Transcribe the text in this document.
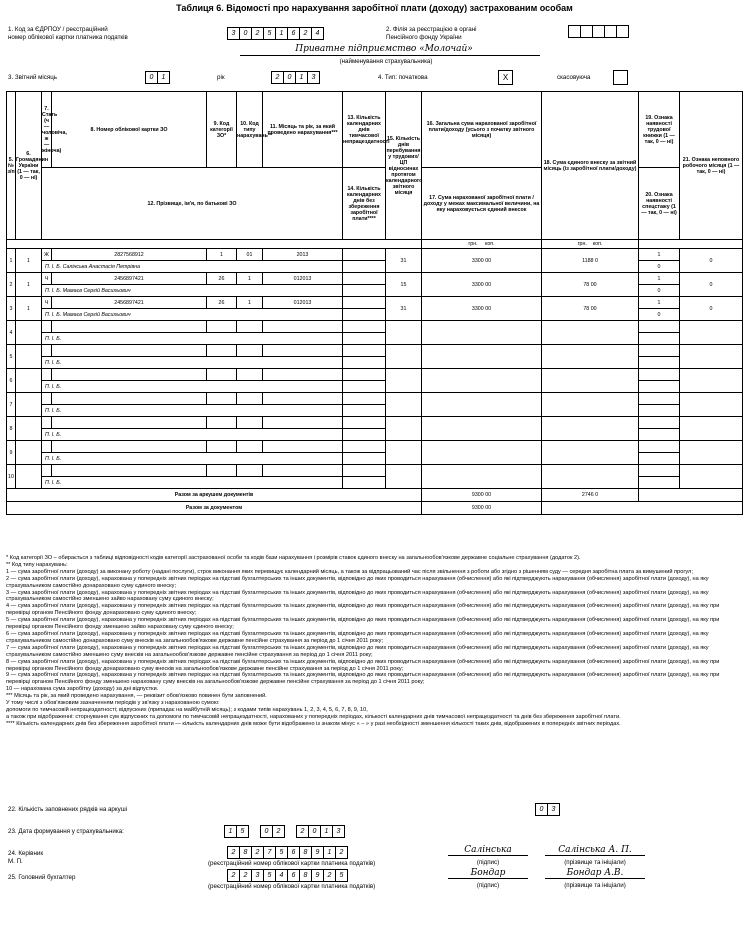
Таблиця 6. Відомості про нарахування заробітної плати (доходу) застрахованим особам
1. Код за ЄДРПОУ / реєстраційний
номер облікової картки платника податків
3	0	2	5	1	6	2	4
2. Філія за реєстрацією в органі
Пенсійного фонду України
Приватне підприємство «Молочай»
(найменування страхувальника)
3. Звітний місяць	0	1	рік	2	0	1	3	4. Тип: початкова	X	скасовуюча
5. № з/п	6. Громадянин України (1 — так, 0 — ні)	7. Стать (ч — чоловіча, ж — жіноча)	8. Номер облікової картки ЗО	9. Код категорії ЗО*	10. Код типу нарахувань**	11. Місяць та рік, за який проведено нарахування***	13. Кількість календарних днів тимчасової непрацездатності	15. Кількість днів перебування у трудових/ЦП відносинах протягом календарного звітного місяця	16. Загальна сума нарахованої заробітної плати/доходу (усього з початку звітного місяця)	18. Сума єдиного внеску за звітний місяць (із заробітної плати/доходу)	19. Ознака наявності трудової книжки (1 — так, 0 — ні)	21. Ознака неповного робочого місяця (1 — так, 0 — ні)
		12. Прізвище, ім'я, по батькові ЗО					14. Кількість календарних днів без збереження заробітної плати****		17. Сума нарахованої заробітної плати / доходу у межах максимальної величини, на яку нараховується єдиний внесок		20. Ознака наявності спецстажу (1 — так, 0 — ні)	
									грн. коп.	грн. коп.		
1	1	Ж	2827568912	1	01	2013		31	3300 00	1188 0	1	0
		П. І. Б. Салінська Анастасія Петрівна									0	
2	1	Ч	2456897421	26	1	012013		15	3300 00	78 00	1	0
		П. І. Б. Мамаєв Сергій Васильович									0	
3	1	Ч	2456897421	26	1	012013		31	3300 00	78 00	1	0
		П. І. Б. Мамаєв Сергій Васильович									0	
4												
		П. І. Б.										
5												
		П. І. Б.										
6												
		П. І. Б.										
7												
		П. І. Б.										
8												
		П. І. Б.										
9												
		П. І. Б.										
10												
		П. І. Б.										
Разом за аркушем документів									9300 00	2746 0		
Разом за документом									9300 00			

* Код категорії ЗО – обирається з таблиці відповідності кодів категорії застрахованої особи та кодів бази нарахування і розмірів ставок єдиного внеску на загальнообов'язкове державне соціальне страхування (додаток 2).

** Код типу нарахувань:

1 — сума заробітної плати (доходу) за виконану роботу (надані послуги), строк виконання яких перевищує календарний місяць, а також за відпрацьований час після звільнення з роботи або згідно з рішенням суду — середня заробітна плата за вимушений прогул;

2 — сума заробітної плати (доходу), нарахована у попередніх звітних періодах на підставі бухгалтерських та інших документів, відповідно до яких проводиться нарахування (обчислення) або які підтверджують нарахування (обчислення) заробітної плати (доходу), на яку страхувальником самостійно донараховано суму єдиного внеску;

3 — сума заробітної плати (доходу), нарахована у попередніх звітних періодах на підставі бухгалтерських та інших документів, відповідно до яких проводиться нарахування (обчислення) або які підтверджують нарахування (обчислення) заробітної плати (доходу), на яку страхувальником самостійно зменшено зайво нараховану суму єдиного внеску;

4 — сума заробітної плати (доходу), нарахована у попередніх звітних періодах на підставі бухгалтерських та інших документів, відповідно до яких проводиться нарахування (обчислення) або які підтверджують нарахування (обчислення) заробітної плати (доходу), на яку при перевірці органом Пенсійного фонду донараховано суму єдиного внеску;

5 — сума заробітної плати (доходу), нарахована у попередніх звітних періодах на підставі бухгалтерських та інших документів, відповідно до яких проводиться нарахування (обчислення) або які підтверджують нарахування (обчислення) заробітної плати (доходу), на яку при перевірці органом Пенсійного фонду зменшено зайво нараховану суму єдиного внеску;

6 — сума заробітної плати (доходу), нарахована у попередніх звітних періодах на підставі бухгалтерських та інших документів, відповідно до яких проводиться нарахування (обчислення) або які підтверджують нарахування (обчислення) заробітної плати (доходу), на яку страхувальником самостійно донараховано суму внесків на загальнообов'язкове державне пенсійне страхування за період до 1 січня 2011 року;

7 — сума заробітної плати (доходу), нарахована у попередніх звітних періодах на підставі бухгалтерських та інших документів, відповідно до яких проводиться нарахування (обчислення) або які підтверджують нарахування (обчислення) заробітної плати (доходу), на яку страхувальником самостійно зменшено суму внесків на загальнообов'язкове державне пенсійне страхування за період до 1 січня 2011 року;

8 — сума заробітної плати (доходу), нарахована у попередніх звітних періодах на підставі бухгалтерських та інших документів, відповідно до яких проводиться нарахування (обчислення) або які підтверджують нарахування (обчислення) заробітної плати (доходу), на яку при перевірці органом Пенсійного фонду донараховано суму внесків на загальнообов'язкове державне пенсійне страхування за період до 1 січня 2011 року;

9 — сума заробітної плати (доходу), нарахована у попередніх звітних періодах на підставі бухгалтерських та інших документів, відповідно до яких проводиться нарахування (обчислення) або які підтверджують нарахування (обчислення) заробітної плати (доходу), на яку при перевірці органом Пенсійного фонду зменшено нараховану суму внесків на загальнообов'язкове державне пенсійне страхування за період до 1 січня 2011 року;

10 — нарахована сума заробітку (доходу) за дні відпустки.

*** Місяць та рік, за який проведено нарахування, — реквізит обов'язково повинен бути заповнений.

У тому числі з обов'язковим зазначенням періодів у зв'язку з нарахованою сумою:

допомоги по тимчасовій непрацездатності; відпускних (припадає на майбутній місяць); з кодами типів нарахувань 1, 2, 3, 4, 5, 6, 7, 8, 9, 10,

а також при відображенні: сторнування сум відпускних та допомоги по тимчасовій непрацездатності, нарахованих у попередніх періодах, кількості календарних днів тимчасової непрацездатності та днів без збереження заробітної плати.

**** Кількість календарних днів без збереження заробітної плати — кількість календарних днів може бути відображено із знаком мінус « – » у разі необхідності зменшення кількості таких днів, відображених в попередніх звітних періодах.

22. Кількість заповнених рядків на аркуші	0	3
23. Дата формування у страхувальника:	1	5	0	2	2	0	1	3
24. Керівник
М. П.
2	8	2	7	5	6	8	9	1	2
(реєстраційний номер облікової картки платника податків)
Салінська
(підпис)
Салінська А. П.
(прізвище та ініціали)
25. Головний бухгалтер	2	2	3	5	4	6	8	9	2	5
(реєстраційний номер облікової картки платника податків)
Бондар
(підпис)
Бондар А.В.
(прізвище та ініціали)
